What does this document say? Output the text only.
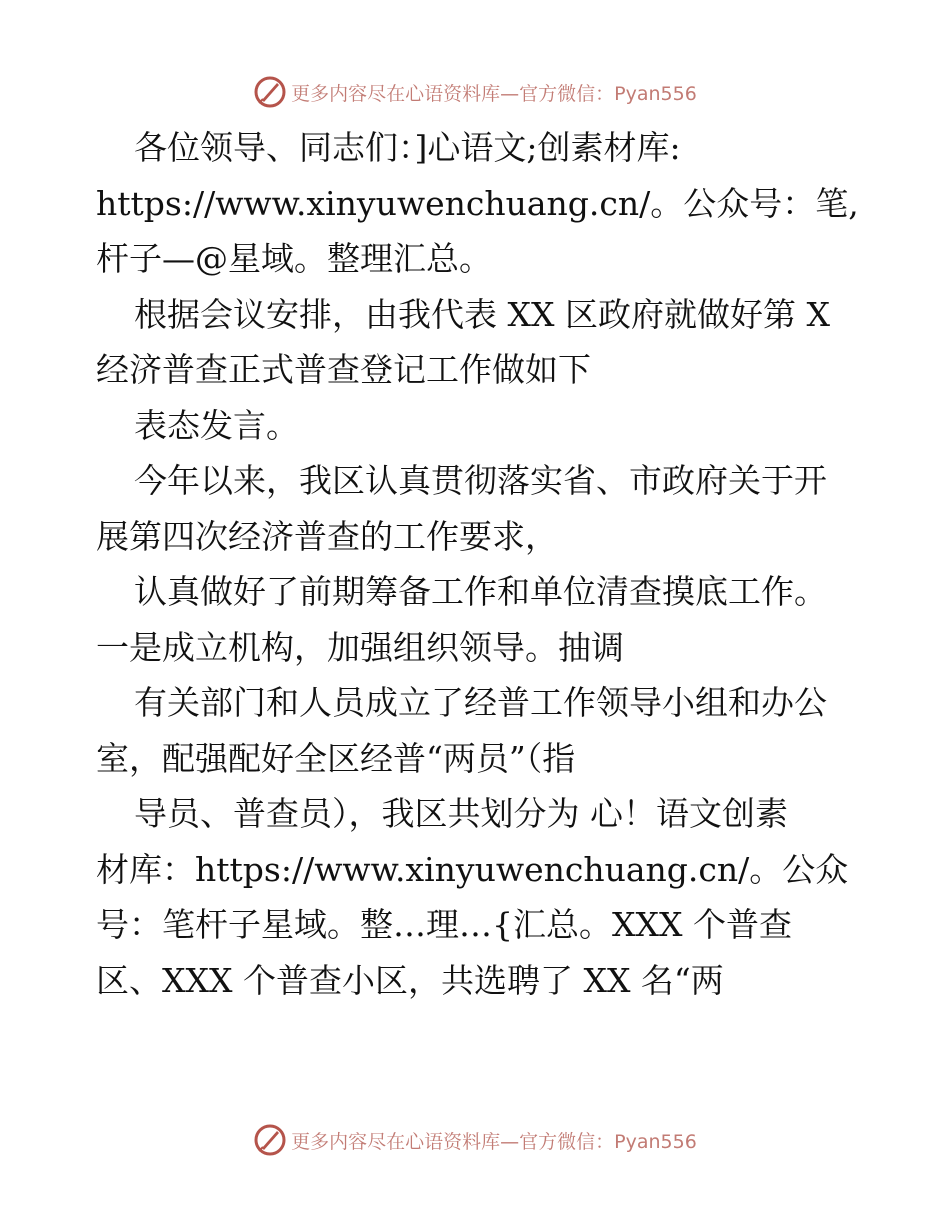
更多内容尽在心语资料库—官方微信：Pyan556
各位领导、同志们：]心语文;创素材库:
https://www.xinyuwenchuang.cn/。公众号：笔,
杆子—@星域。整理汇总。
根据会议安排，由我代表 XX 区政府就做好第 X
经济普查正式普查登记工作做如下
表态发言。
今年以来，我区认真贯彻落实省、市政府关于开
展第四次经济普查的工作要求，
认真做好了前期筹备工作和单位清查摸底工作。
一是成立机构，加强组织领导。抽调
有关部门和人员成立了经普工作领导小组和办公
室，配强配好全区经普“两员”（指
导员、普查员），我区共划分为 心！语文创素
材库：https://www.xinyuwenchuang.cn/。公众
号：笔杆子星域。整…理…{汇总。XXX 个普查
区、XXX 个普查小区，共选聘了 XX 名“两
更多内容尽在心语资料库—官方微信：Pyan556
